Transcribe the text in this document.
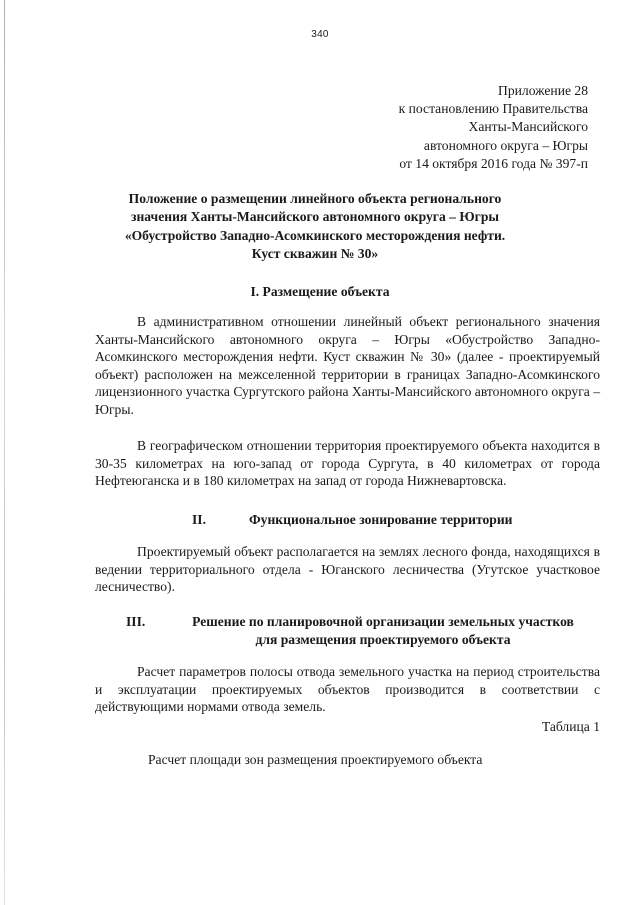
340
Приложение 28
к постановлению Правительства
Ханты-Мансийского
автономного округа – Югры
от 14 октября 2016 года № 397-п
Положение о размещении линейного объекта регионального
значения Ханты-Мансийского автономного округа – Югры
«Обустройство Западно-Асомкинского месторождения нефти.
Куст скважин № 30»
I. Размещение объекта

В административном отношении линейный объект регионального значения Ханты-Мансийского автономного округа – Югры «Обустройство Западно-Асомкинского месторождения нефти. Куст скважин № 30» (далее - проектируемый объект) расположен на межселенной территории в границах Западно-Асомкинского лицензионного участка Сургутского района Ханты-Мансийского автономного округа – Югры.

В географическом отношении территория проектируемого объекта находится в 30-35 километрах на юго-запад от города Сургута, в 40 километрах от города Нефтеюганска и в 180 километрах на запад от города Нижневартовска.

II.	Функциональное зонирование территории

Проектируемый объект располагается на землях лесного фонда, находящихся в ведении территориального отдела - Юганского лесничества (Угутское участковое лесничество).

III.	Решение по планировочной организации земельных участков
для размещения проектируемого объекта

Расчет параметров полосы отвода земельного участка на период строительства и эксплуатации проектируемых объектов производится в соответствии с действующими нормами отвода земель.

Таблица 1
Расчет площади зон размещения проектируемого объекта
